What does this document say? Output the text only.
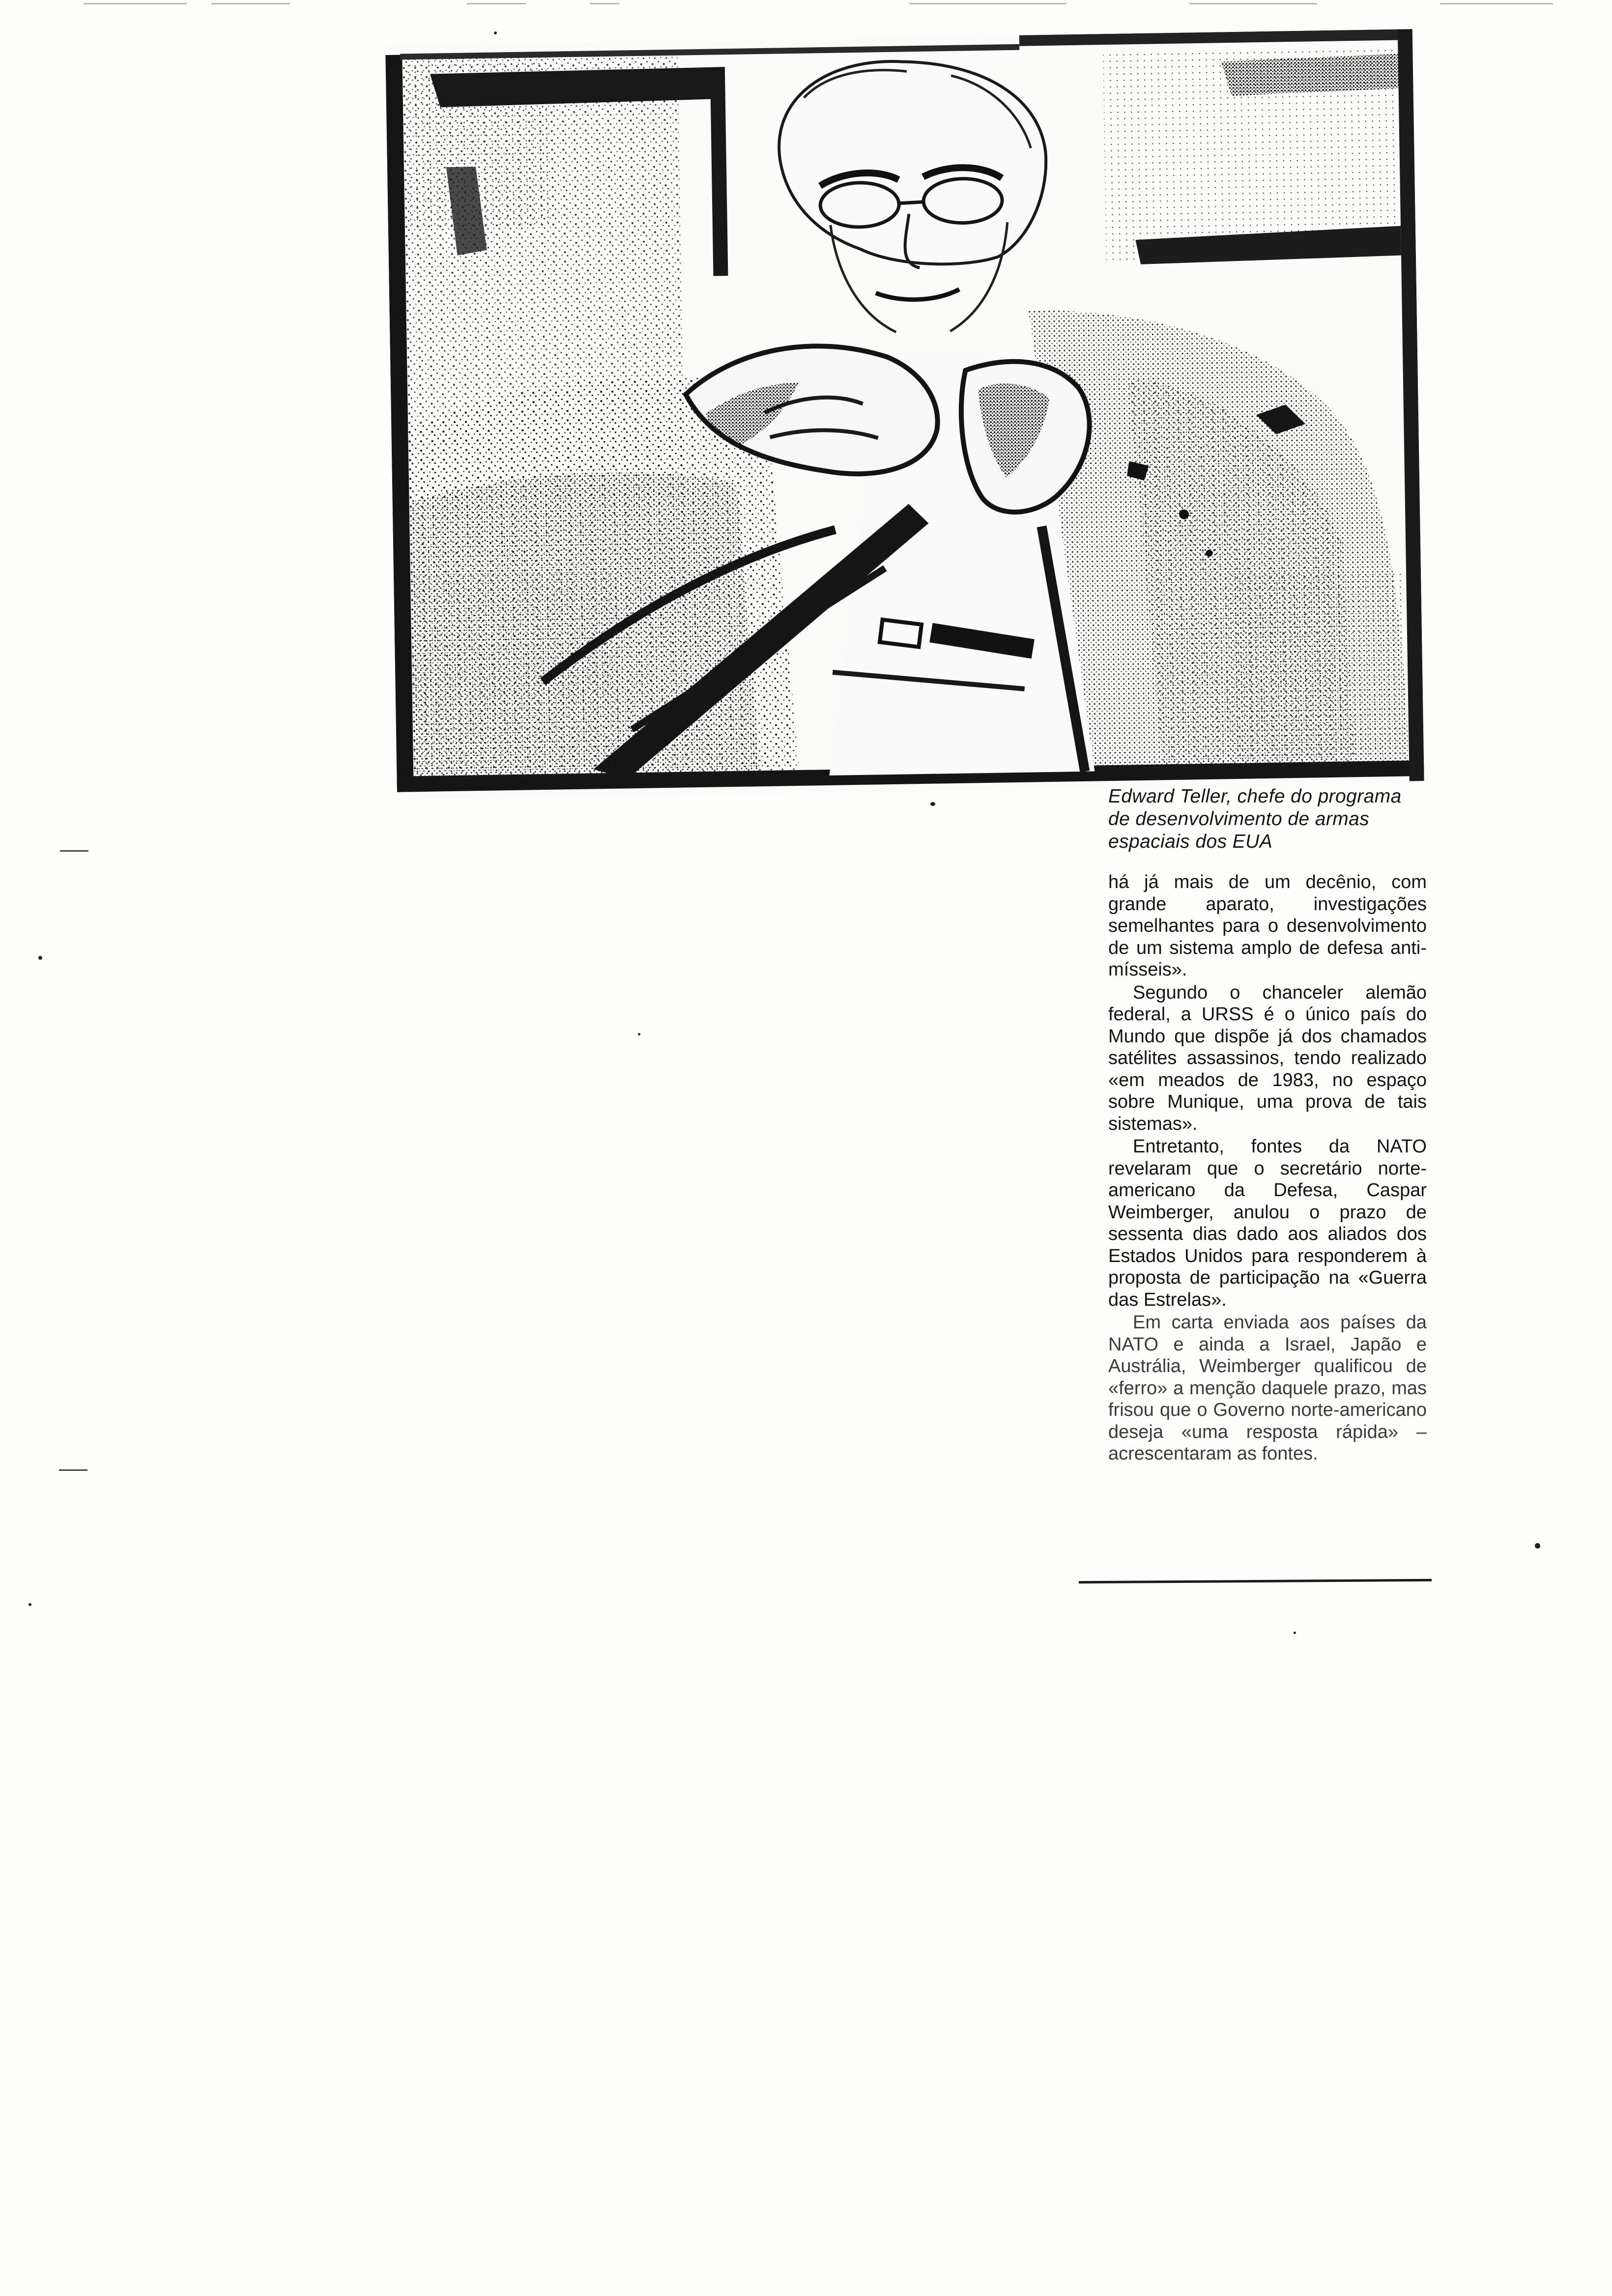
Edward Teller, chefe do programa de desenvolvimento de armas espaciais dos EUA

há já mais de um decênio, com grande aparato, investigações semelhantes para o desenvolvimento de um sistema amplo de defesa anti-mísseis».

Segundo o chanceler alemão federal, a URSS é o único país do Mundo que dispõe já dos chamados satélites assassinos, tendo realizado «em meados de 1983, no espaço sobre Munique, uma prova de tais sistemas».

Entretanto, fontes da NATO revelaram que o secretário norte-americano da Defesa, Caspar Weimberger, anulou o prazo de sessenta dias dado aos aliados dos Estados Unidos para responderem à proposta de participação na «Guerra das Estrelas».

Em carta enviada aos países da NATO e ainda a Israel, Japão e Austrália, Weimberger qualificou de «ferro» a menção daquele prazo, mas frisou que o Governo norte-americano deseja «uma resposta rápida» – acrescentaram as fontes.
